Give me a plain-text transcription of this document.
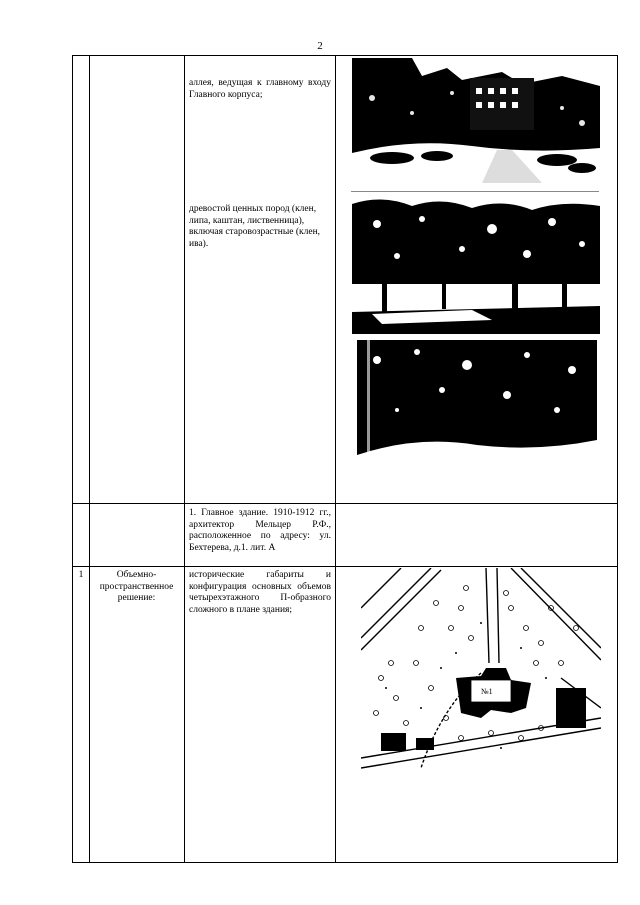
2
аллея, ведущая к главному входу Главного корпуса;
древостой ценных пород (клен, липа, каштан, лиственница), включая старовозрастные (клен, ива).
1. Главное здание. 1910-1912 гг., архитектор Мельцер Р.Ф., расположенное по адресу: ул. Бехтерева, д.1. лит. А
1	Объемно-пространственное решение:
исторические габариты и конфигурация основных объемов четырехэтажного П-образного сложного в плане здания;
№1
